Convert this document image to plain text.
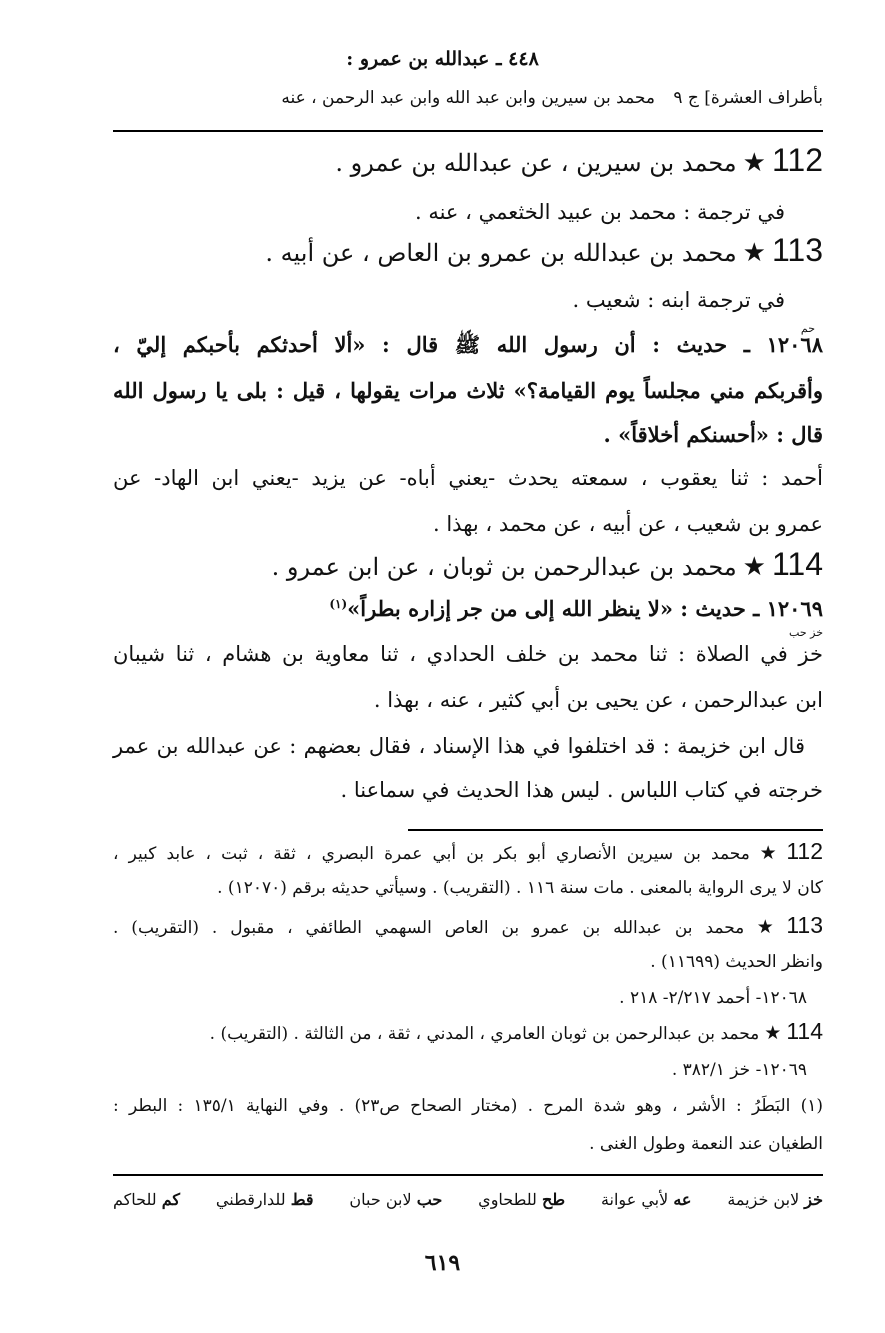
٤٤٨ ـ عبدالله بن عمرو :
بأطراف العشرة] ج ٩
محمد بن سيرين وابن عبد الله وابن عبد الرحمن ، عنه
112★محمد بن سيرين ، عن عبدالله بن عمرو .
في ترجمة : محمد بن عبيد الخثعمي ، عنه .
113★محمد بن عبدالله بن عمرو بن العاص ، عن أبيه .
في ترجمة ابنه : شعيب .
حم
١٢٠٦٨ ـ حديث : أن رسول الله ﷺ قال : «ألا أحدثكم بأحبكم إليّ ،
وأقربكم مني مجلساً يوم القيامة؟» ثلاث مرات يقولها ، قيل : بلى يا رسول الله
قال : «أحسنكم أخلاقاً» .
أحمد : ثنا يعقوب ، سمعته يحدث -يعني أباه- عن يزيد -يعني ابن الهاد- عن
عمرو بن شعيب ، عن أبيه ، عن محمد ، بهذا .
114★محمد بن عبدالرحمن بن ثوبان ، عن ابن عمرو .
١٢٠٦٩ ـ حديث : «لا ينظر الله إلى من جر إزاره بطراً»$^{(١)}$
خز حب
خز في الصلاة : ثنا محمد بن خلف الحدادي ، ثنا معاوية بن هشام ، ثنا شيبان
ابن عبدالرحمن ، عن يحيى بن أبي كثير ، عنه ، بهذا .
قال ابن خزيمة : قد اختلفوا في هذا الإسناد ، فقال بعضهم : عن عبدالله بن عمر
خرجته في كتاب اللباس . ليس هذا الحديث في سماعنا .
112★محمد بن سيرين الأنصاري أبو بكر بن أبي عمرة البصري ، ثقة ، ثبت ، عابد كبير ،
كان لا يرى الرواية بالمعنى . مات سنة ١١٦ . (التقريب) . وسيأتي حديثه برقم (١٢٠٧٠) .
113★محمد بن عبدالله بن عمرو بن العاص السهمي الطائفي ، مقبول . (التقريب) .
وانظر الحديث (١١٦٩٩) .
١٢٠٦٨- أحمد ٢/٢١٧- ٢١٨ .
114★محمد بن عبدالرحمن بن ثوبان العامري ، المدني ، ثقة ، من الثالثة . (التقريب) .
١٢٠٦٩- خز ٣٨٢/١ .
(١) البَطَرُ : الأشر ، وهو شدة المرح . (مختار الصحاح ص٢٣) . وفي النهاية ١٣٥/١ : البطر :
الطغيان عند النعمة وطول الغنى .
خز لابن خزيمة
عه لأبي عوانة
طح للطحاوي
حب لابن حبان
قط للدارقطني
كم للحاكم
٦١٩
